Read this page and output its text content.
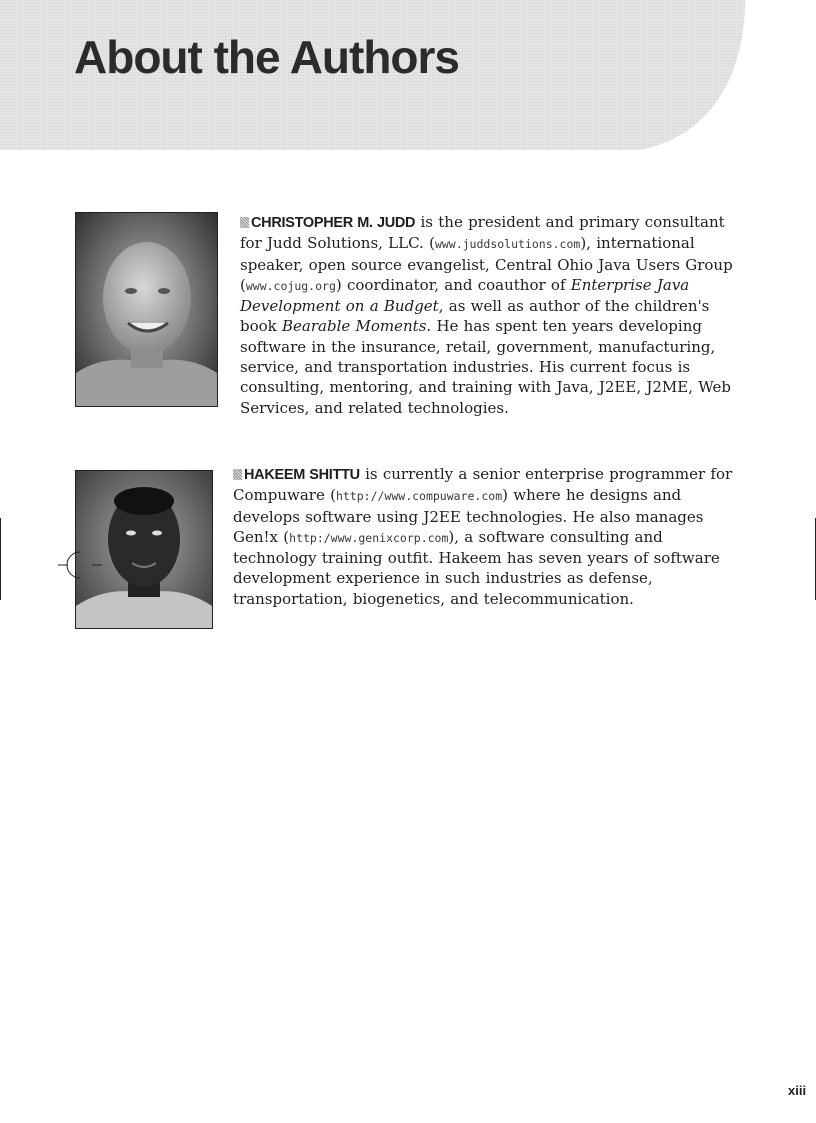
About the Authors

CHRISTOPHER M. JUDD is the president and primary consultant for Judd Solutions, LLC. (www.juddsolutions.com), international speaker, open source evangelist, Central Ohio Java Users Group (www.cojug.org) coordinator, and coauthor of Enterprise Java Development on a Budget, as well as author of the children's book Bearable Moments. He has spent ten years developing software in the insurance, retail, government, manufacturing, service, and transportation industries. His current focus is consulting, mentoring, and training with Java, J2EE, J2ME, Web Services, and related technologies.

HAKEEM SHITTU is currently a senior enterprise programmer for Compuware (http://www.compuware.com) where he designs and develops software using J2EE technologies. He also manages Gen!x (http:/www.genixcorp.com), a software consulting and technology training outfit. Hakeem has seven years of software development experience in such industries as defense, transportation, biogenetics, and telecommunication.

xiii
